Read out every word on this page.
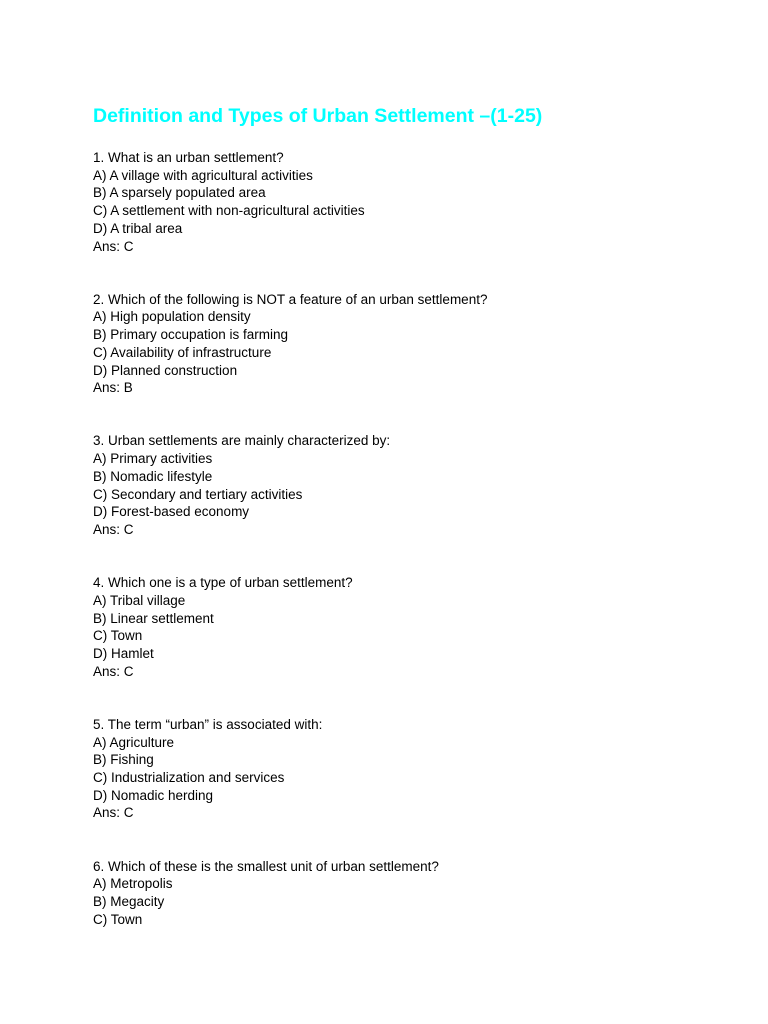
Definition and Types of Urban Settlement –(1-25)
1. What is an urban settlement?
A) A village with agricultural activities
B) A sparsely populated area
C) A settlement with non-agricultural activities
D) A tribal area
Ans: C
2. Which of the following is NOT a feature of an urban settlement?
A) High population density
B) Primary occupation is farming
C) Availability of infrastructure
D) Planned construction
Ans: B
3. Urban settlements are mainly characterized by:
A) Primary activities
B) Nomadic lifestyle
C) Secondary and tertiary activities
D) Forest-based economy
Ans: C
4. Which one is a type of urban settlement?
A) Tribal village
B) Linear settlement
C) Town
D) Hamlet
Ans: C
5. The term “urban” is associated with:
A) Agriculture
B) Fishing
C) Industrialization and services
D) Nomadic herding
Ans: C
6. Which of these is the smallest unit of urban settlement?
A) Metropolis
B) Megacity
C) Town
